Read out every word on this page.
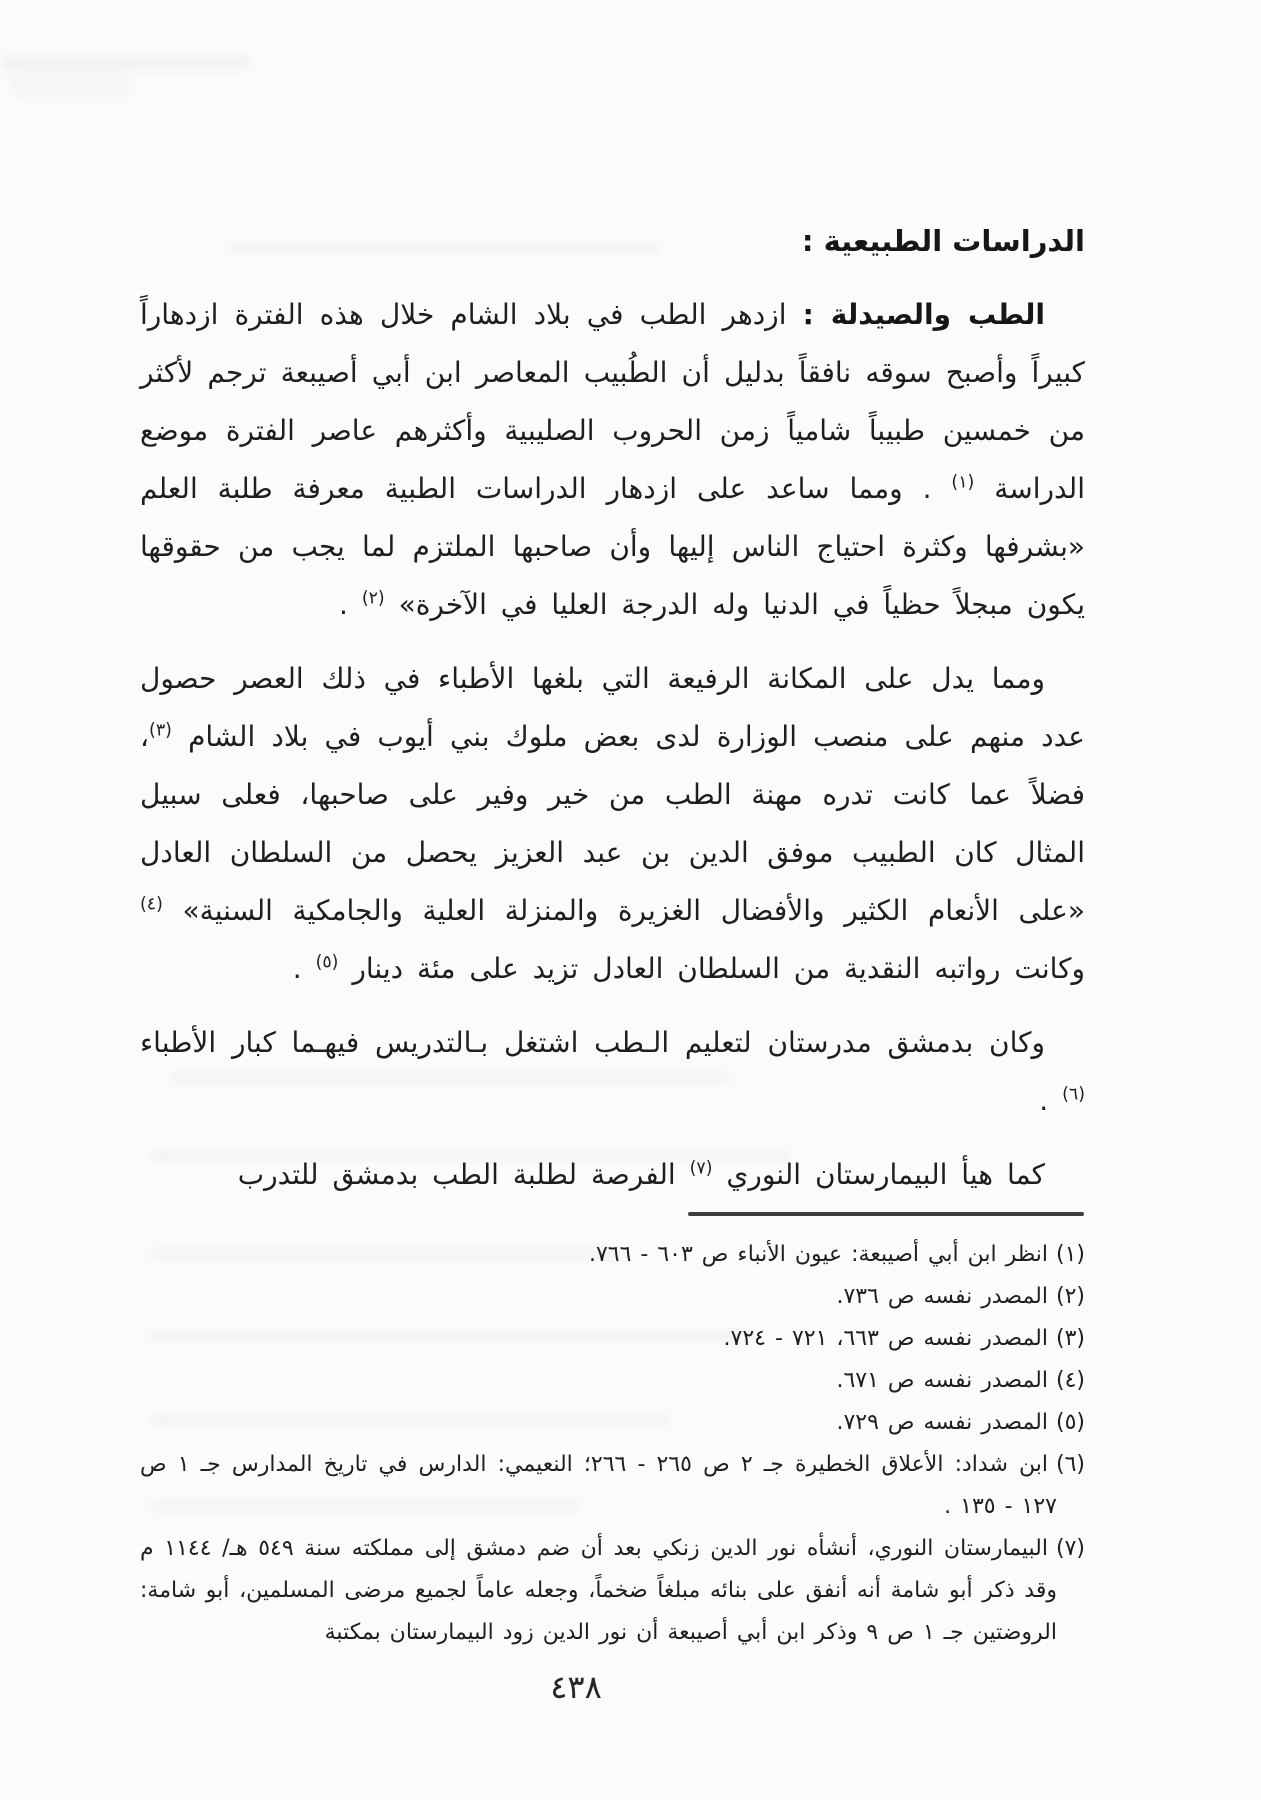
الدراسات الطبيعية :

الطب والصيدلة : ازدهر الطب في بلاد الشام خلال هذه الفترة ازدهاراً كبيراً وأصبح سوقه نافقاً بدليل أن الطُبيب المعاصر ابن أبي أصيبعة ترجم لأكثر من خمسين طبيباً شامياً زمن الحروب الصليبية وأكثرهم عاصر الفترة موضع الدراسة $^{(١)}$ . ومما ساعد على ازدهار الدراسات الطبية معرفة طلبة العلم «بشرفها وكثرة احتياج الناس إليها وأن صاحبها الملتزم لما يجب من حقوقها يكون مبجلاً حظياً في الدنيا وله الدرجة العليا في الآخرة» $^{(٢)}$ .

ومما يدل على المكانة الرفيعة التي بلغها الأطباء في ذلك العصر حصول عدد منهم على منصب الوزارة لدى بعض ملوك بني أيوب في بلاد الشام $^{(٣)}$، فضلاً عما كانت تدره مهنة الطب من خير وفير على صاحبها، فعلى سبيل المثال كان الطبيب موفق الدين بن عبد العزيز يحصل من السلطان العادل «على الأنعام الكثير والأفضال الغزيرة والمنزلة العلية والجامكية السنية» $^{(٤)}$ وكانت رواتبه النقدية من السلطان العادل تزيد على مئة دينار $^{(٥)}$ .

وكان بدمشق مدرستان لتعليم الـطب اشتغل بـالتدريس فيهـما كبار الأطباء $^{(٦)}$ .

كما هيأ البيمارستان النوري $^{(٧)}$ الفرصة لطلبة الطب بدمشق للتدرب

(١)انظر ابن أبي أصيبعة: عيون الأنباء ص ٦٠٣ - ٧٦٦.

(٢)المصدر نفسه ص ٧٣٦.

(٣)المصدر نفسه ص ٦٦٣، ٧٢١ - ٧٢٤.

(٤)المصدر نفسه ص ٦٧١.

(٥)المصدر نفسه ص ٧٢٩.

(٦)ابن شداد: الأعلاق الخطيرة جـ ٢ ص ٢٦٥ - ٢٦٦؛ النعيمي: الدارس في تاريخ المدارس جـ ١ ص ١٢٧ - ١٣٥ .

(٧)البيمارستان النوري، أنشأه نور الدين زنكي بعد أن ضم دمشق إلى مملكته سنة ٥٤٩ هـ/ ١١٤٤ م وقد ذكر أبو شامة أنه أنفق على بنائه مبلغاً ضخماً، وجعله عاماً لجميع مرضى المسلمين، أبو شامة: الروضتين جـ ١ ص ٩ وذكر ابن أبي أصيبعة أن نور الدين زود البيمارستان بمكتبة

٤٣٨
